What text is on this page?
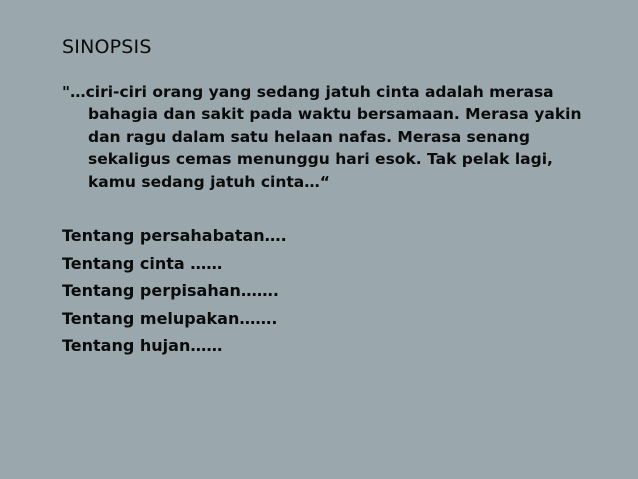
SINOPSIS
"…ciri-ciri orang yang sedang jatuh cinta adalah merasa
bahagia dan sakit pada waktu bersamaan. Merasa yakin
dan ragu dalam satu helaan nafas. Merasa senang
sekaligus cemas menunggu hari esok. Tak pelak lagi,
kamu sedang jatuh cinta…“
Tentang persahabatan….
Tentang cinta ……
Tentang perpisahan…….
Tentang melupakan…….
Tentang hujan……
